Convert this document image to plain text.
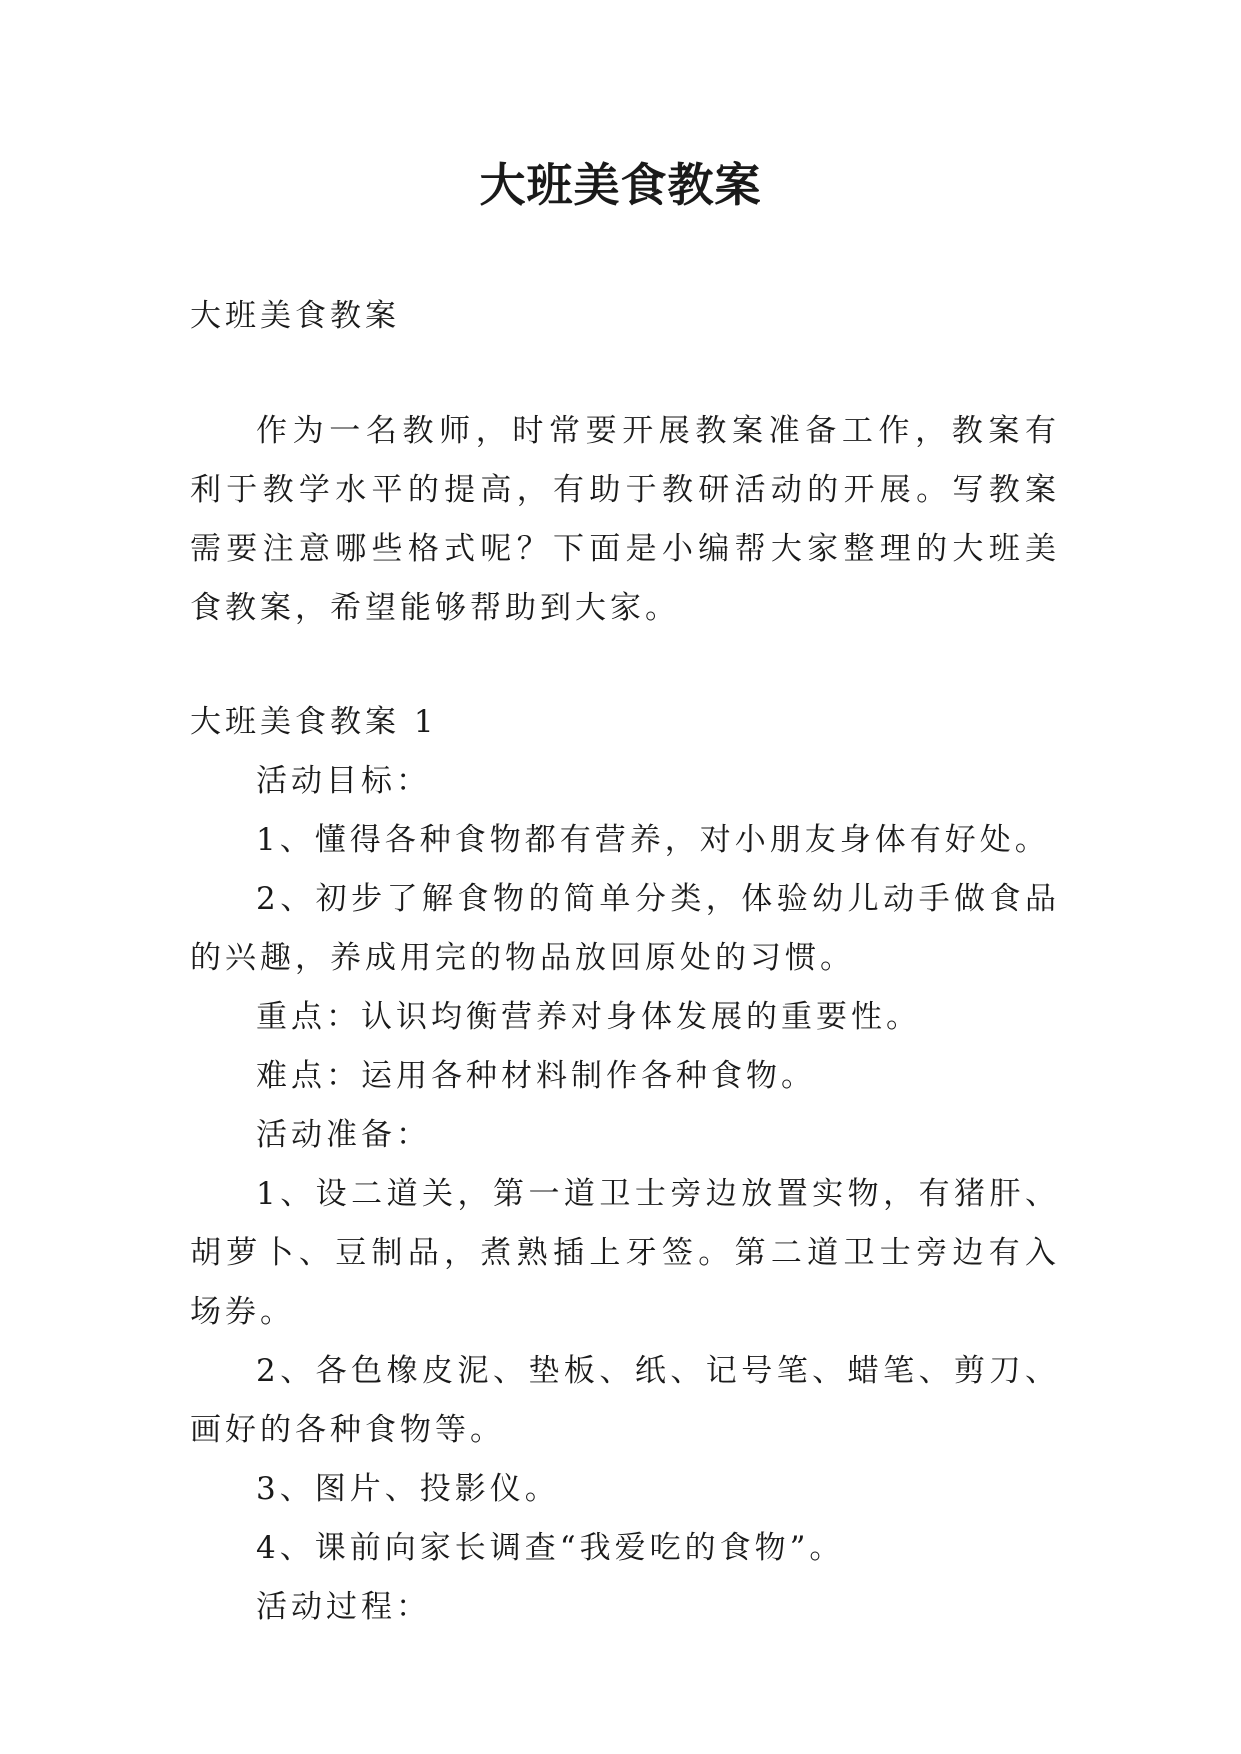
大班美食教案

大班美食教案

作为一名教师，时常要开展教案准备工作，教案有利于教学水平的提高，有助于教研活动的开展。写教案需要注意哪些格式呢？下面是小编帮大家整理的大班美食教案，希望能够帮助到大家。

大班美食教案 1

活动目标：

1、懂得各种食物都有营养，对小朋友身体有好处。

2、初步了解食物的简单分类，体验幼儿动手做食品的兴趣，养成用完的物品放回原处的习惯。

重点：认识均衡营养对身体发展的重要性。

难点：运用各种材料制作各种食物。

活动准备：

1、设二道关，第一道卫士旁边放置实物，有猪肝、胡萝卜、豆制品，煮熟插上牙签。第二道卫士旁边有入场券。

2、各色橡皮泥、垫板、纸、记号笔、蜡笔、剪刀、画好的各种食物等。

3、图片、投影仪。

4、课前向家长调查“我爱吃的食物”。

活动过程：
